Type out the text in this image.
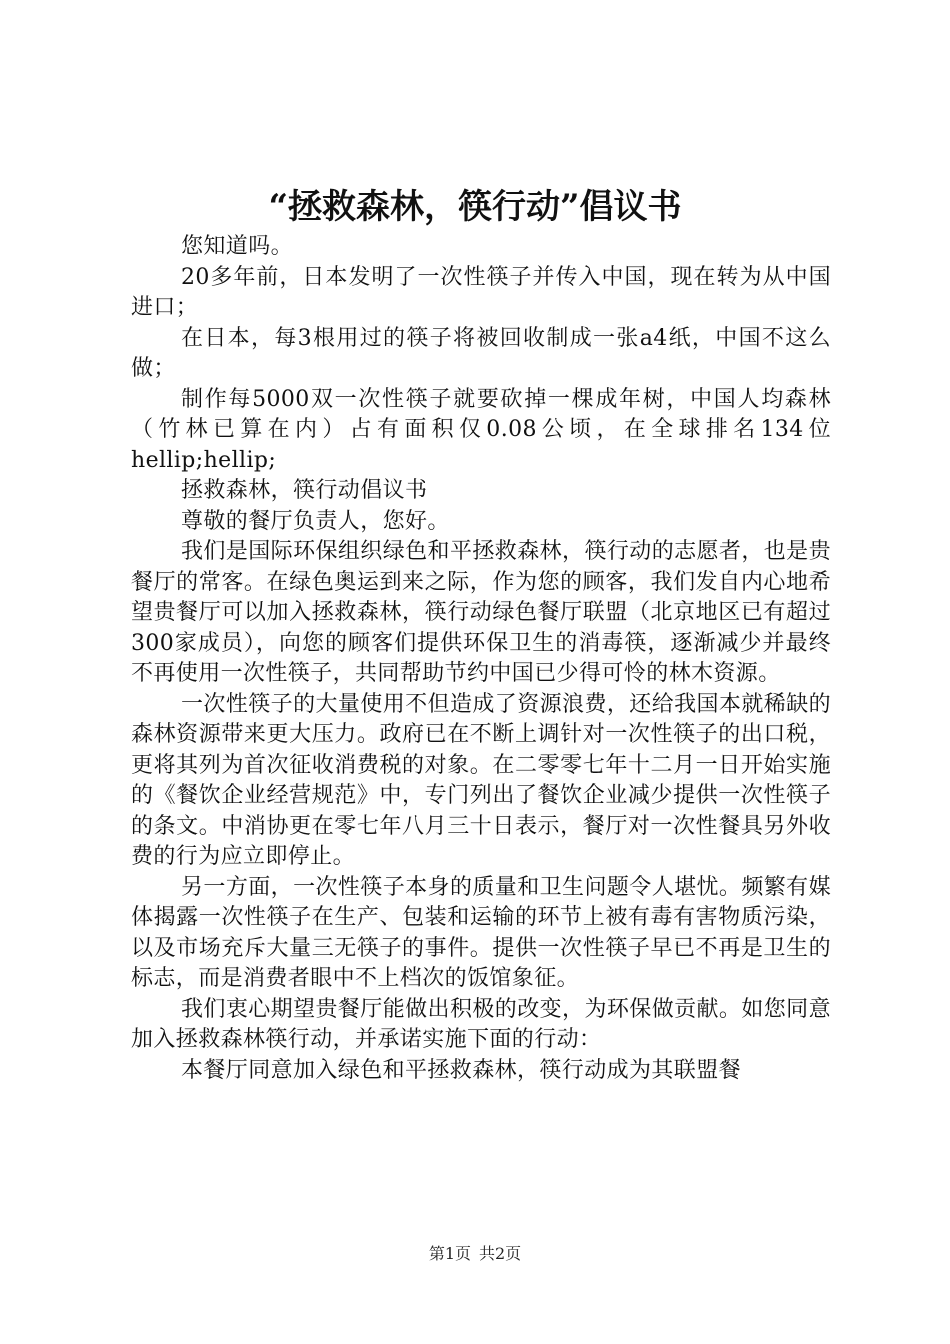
“拯救森林，筷行动”倡议书

您知道吗。

20多年前，日本发明了一次性筷子并传入中国，现在转为从中国进口；

在日本，每3根用过的筷子将被回收制成一张a4纸，中国不这么做；

制作每5000双一次性筷子就要砍掉一棵成年树，中国人均森林（竹林已算在内）占有面积仅0.08公顷，在全球排名134位hellip;hellip;

拯救森林，筷行动倡议书

尊敬的餐厅负责人，您好。

我们是国际环保组织绿色和平拯救森林，筷行动的志愿者，也是贵餐厅的常客。在绿色奥运到来之际，作为您的顾客，我们发自内心地希望贵餐厅可以加入拯救森林，筷行动绿色餐厅联盟（北京地区已有超过300家成员），向您的顾客们提供环保卫生的消毒筷，逐渐减少并最终不再使用一次性筷子，共同帮助节约中国已少得可怜的林木资源。

一次性筷子的大量使用不但造成了资源浪费，还给我国本就稀缺的森林资源带来更大压力。政府已在不断上调针对一次性筷子的出口税，更将其列为首次征收消费税的对象。在二零零七年十二月一日开始实施的《餐饮企业经营规范》中，专门列出了餐饮企业减少提供一次性筷子的条文。中消协更在零七年八月三十日表示，餐厅对一次性餐具另外收费的行为应立即停止。

另一方面，一次性筷子本身的质量和卫生问题令人堪忧。频繁有媒体揭露一次性筷子在生产、包装和运输的环节上被有毒有害物质污染，以及市场充斥大量三无筷子的事件。提供一次性筷子早已不再是卫生的标志，而是消费者眼中不上档次的饭馆象征。

我们衷心期望贵餐厅能做出积极的改变，为环保做贡献。如您同意加入拯救森林筷行动，并承诺实施下面的行动：

本餐厅同意加入绿色和平拯救森林，筷行动成为其联盟餐

第1页 共2页
